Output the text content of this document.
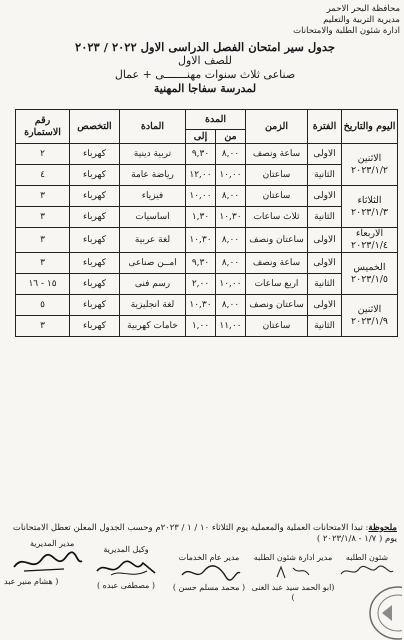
محافظة البحر الاحمر
مديرية التربية والتعليم
ادارة شئون الطلبة والامتحانات
جدول سير امتحان الفصل الدراسى الاول ٢٠٢٢ / ٢٠٢٣
للصف الاول
صناعى ثلاث سنوات مهنـــــــى + عمال
لمدرسة سفاجا المهنية
اليوم والتاريخ	الفترة	الزمن	المدة		المادة	التخصص	رقم الاستمارة
			من	إلى			

الاثنين
٢٠٢٣/١/٢	الاولى	ساعة ونصف	٨,٠٠	٩,٣٠	تربية دينية	كهرباء	٢
	الثانية	ساعتان	١٠,٠٠	١٢,٠٠	رياضة عامة	كهرباء	٤

الثلاثاء
٢٠٢٣/١/٣	الاولى	ساعتان	٨,٠٠	١٠,٠٠	فيزياء	كهرباء	٣
	الثانية	ثلاث ساعات	١٠,٣٠	١,٣٠	اساسيات	كهرباء	٣

الاربعاء
٢٠٢٣/١/٤	الاولى	ساعتان ونصف	٨,٠٠	١٠,٣٠	لغة عربية	كهرباء	٣

الخميس
٢٠٢٣/١/٥	الاولى	ساعة ونصف	٨,٠٠	٩,٣٠	امــن صناعى	كهرباء	٣
	الثانية	اربع ساعات	١٠,٠٠	٢,٠٠	رسم فنى	كهرباء	١٥ - ١٦

الاثنين
٢٠٢٣/١/٩	الاولى	ساعتان ونصف	٨,٠٠	١٠,٣٠	لغة انجليزية	كهرباء	٥
	الثانية	ساعتان	١١,٠٠	١,٠٠	خامات كهربية	كهرباء	٣
ملحوظة: تبدا الامتحانات العملية والمعملية يوم الثلاثاء ١٠ / ١ / ٢٠٢٣م وحسب الجدول المعلن تعطل الامتحانات يوم ( ١/٧ - ٢٠٢٣/١/٨ )
شئون الطلبه
مدير ادارة شئون الطلبه
(ابو الحمد سيد عبد الغنى )
مدير عام الخدمات
( محمد مسلم حسن )
وكيل المديرية
( مصطفى عبده )
مدير المديرية
( هشام منير عبد
